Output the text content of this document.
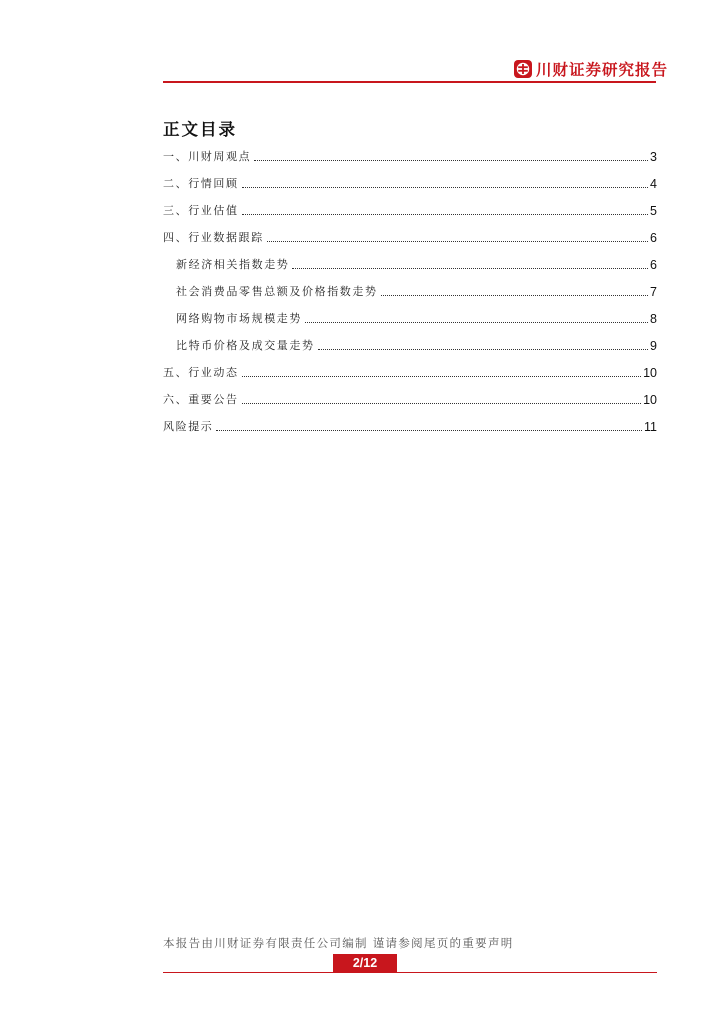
川财证券研究报告
正文目录
一、川财周观点	3
二、行情回顾	4
三、行业估值	5
四、行业数据跟踪	6
新经济相关指数走势	6
社会消费品零售总额及价格指数走势	7
网络购物市场规模走势	8
比特币价格及成交量走势	9
五、行业动态	10
六、重要公告	10
风险提示	11
本报告由川财证券有限责任公司编制 谨请参阅尾页的重要声明
2/12
